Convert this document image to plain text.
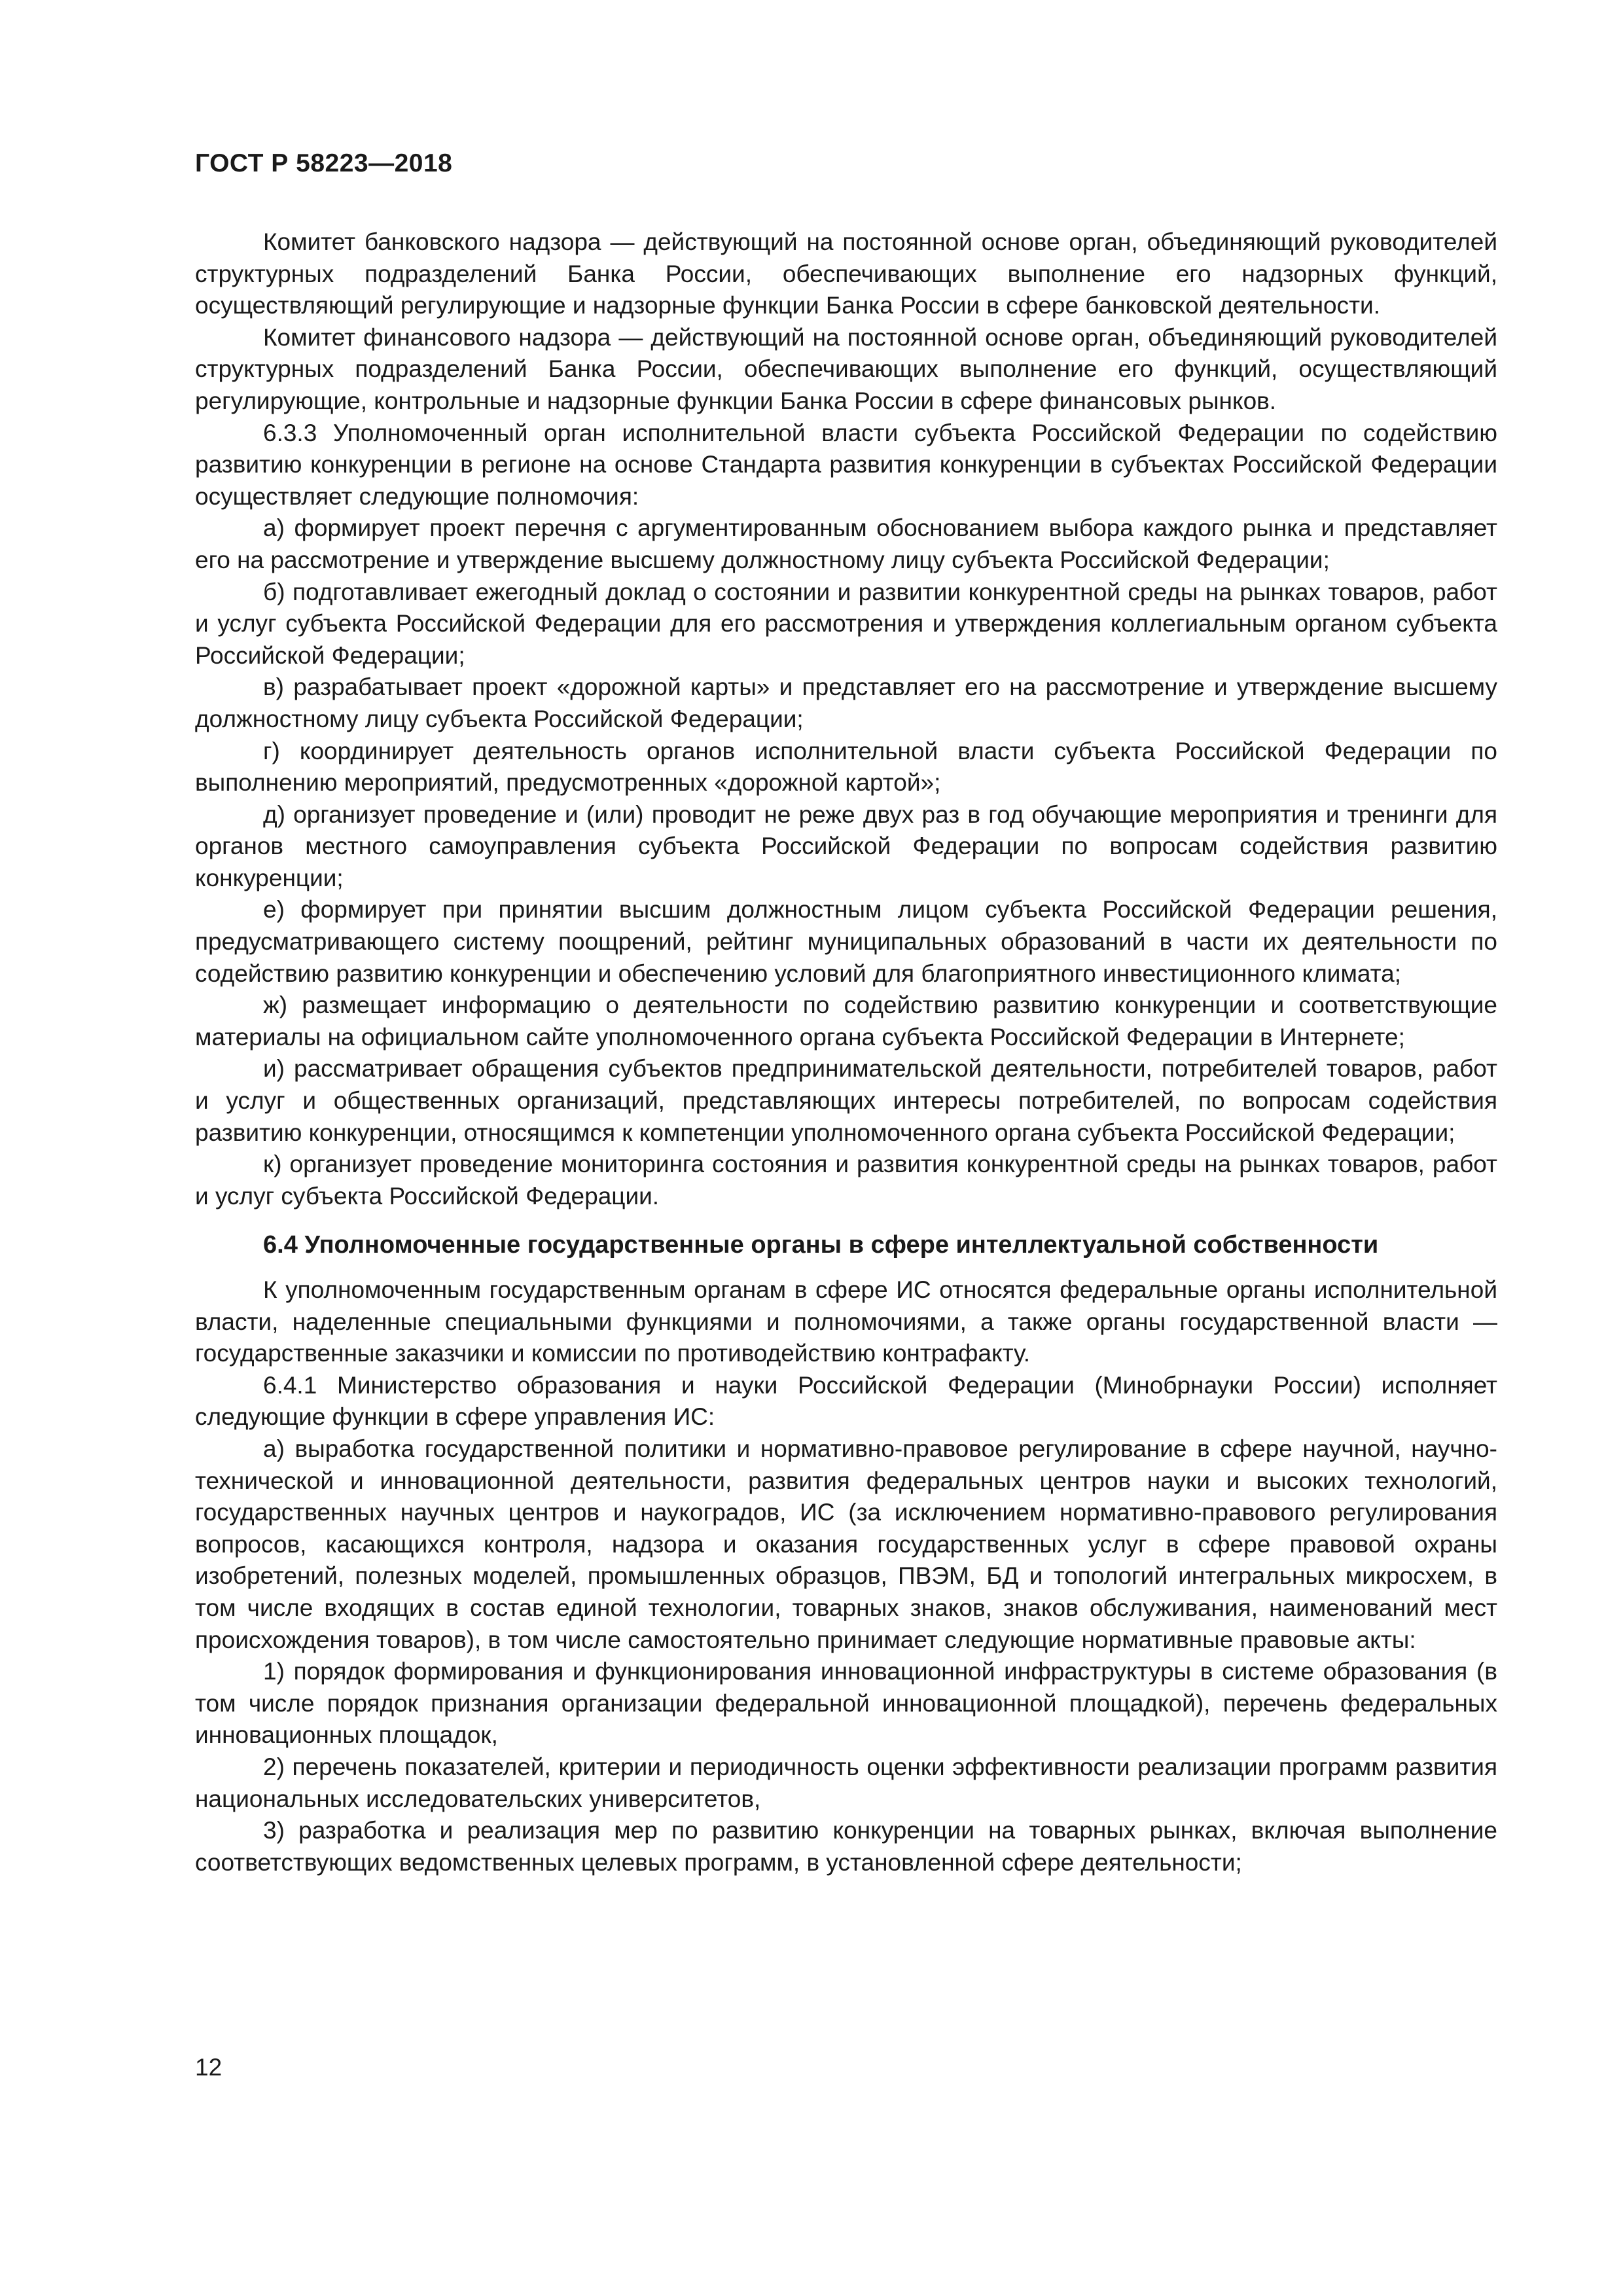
ГОСТ Р 58223—2018

Комитет банковского надзора — действующий на постоянной основе орган, объединяющий руководителей структурных подразделений Банка России, обеспечивающих выполнение его надзорных функций, осуществляющий регулирующие и надзорные функции Банка России в сфере банковской деятельности.

Комитет финансового надзора — действующий на постоянной основе орган, объединяющий руководителей структурных подразделений Банка России, обеспечивающих выполнение его функций, осуществляющий регулирующие, контрольные и надзорные функции Банка России в сфере финансовых рынков.

6.3.3 Уполномоченный орган исполнительной власти субъекта Российской Федерации по содействию развитию конкуренции в регионе на основе Стандарта развития конкуренции в субъектах Российской Федерации осуществляет следующие полномочия:

а) формирует проект перечня с аргументированным обоснованием выбора каждого рынка и представляет его на рассмотрение и утверждение высшему должностному лицу субъекта Российской Федерации;

б) подготавливает ежегодный доклад о состоянии и развитии конкурентной среды на рынках товаров, работ и услуг субъекта Российской Федерации для его рассмотрения и утверждения коллегиальным органом субъекта Российской Федерации;

в) разрабатывает проект «дорожной карты» и представляет его на рассмотрение и утверждение высшему должностному лицу субъекта Российской Федерации;

г) координирует деятельность органов исполнительной власти субъекта Российской Федерации по выполнению мероприятий, предусмотренных «дорожной картой»;

д) организует проведение и (или) проводит не реже двух раз в год обучающие мероприятия и тренинги для органов местного самоуправления субъекта Российской Федерации по вопросам содействия развитию конкуренции;

е) формирует при принятии высшим должностным лицом субъекта Российской Федерации решения, предусматривающего систему поощрений, рейтинг муниципальных образований в части их деятельности по содействию развитию конкуренции и обеспечению условий для благоприятного инвестиционного климата;

ж) размещает информацию о деятельности по содействию развитию конкуренции и соответствующие материалы на официальном сайте уполномоченного органа субъекта Российской Федерации в Интернете;

и) рассматривает обращения субъектов предпринимательской деятельности, потребителей товаров, работ и услуг и общественных организаций, представляющих интересы потребителей, по вопросам содействия развитию конкуренции, относящимся к компетенции уполномоченного органа субъекта Российской Федерации;

к) организует проведение мониторинга состояния и развития конкурентной среды на рынках товаров, работ и услуг субъекта Российской Федерации.

6.4 Уполномоченные государственные органы в сфере интеллектуальной собственности

К уполномоченным государственным органам в сфере ИС относятся федеральные органы исполнительной власти, наделенные специальными функциями и полномочиями, а также органы государственной власти — государственные заказчики и комиссии по противодействию контрафакту.

6.4.1 Министерство образования и науки Российской Федерации (Минобрнауки России) исполняет следующие функции в сфере управления ИС:

а) выработка государственной политики и нормативно-правовое регулирование в сфере научной, научно-технической и инновационной деятельности, развития федеральных центров науки и высоких технологий, государственных научных центров и наукоградов, ИС (за исключением нормативно-правового регулирования вопросов, касающихся контроля, надзора и оказания государственных услуг в сфере правовой охраны изобретений, полезных моделей, промышленных образцов, ПВЭМ, БД и топологий интегральных микросхем, в том числе входящих в состав единой технологии, товарных знаков, знаков обслуживания, наименований мест происхождения товаров), в том числе самостоятельно принимает следующие нормативные правовые акты:

1) порядок формирования и функционирования инновационной инфраструктуры в системе образования (в том числе порядок признания организации федеральной инновационной площадкой), перечень федеральных инновационных площадок,

2) перечень показателей, критерии и периодичность оценки эффективности реализации программ развития национальных исследовательских университетов,

3) разработка и реализация мер по развитию конкуренции на товарных рынках, включая выполнение соответствующих ведомственных целевых программ, в установленной сфере деятельности;

12
